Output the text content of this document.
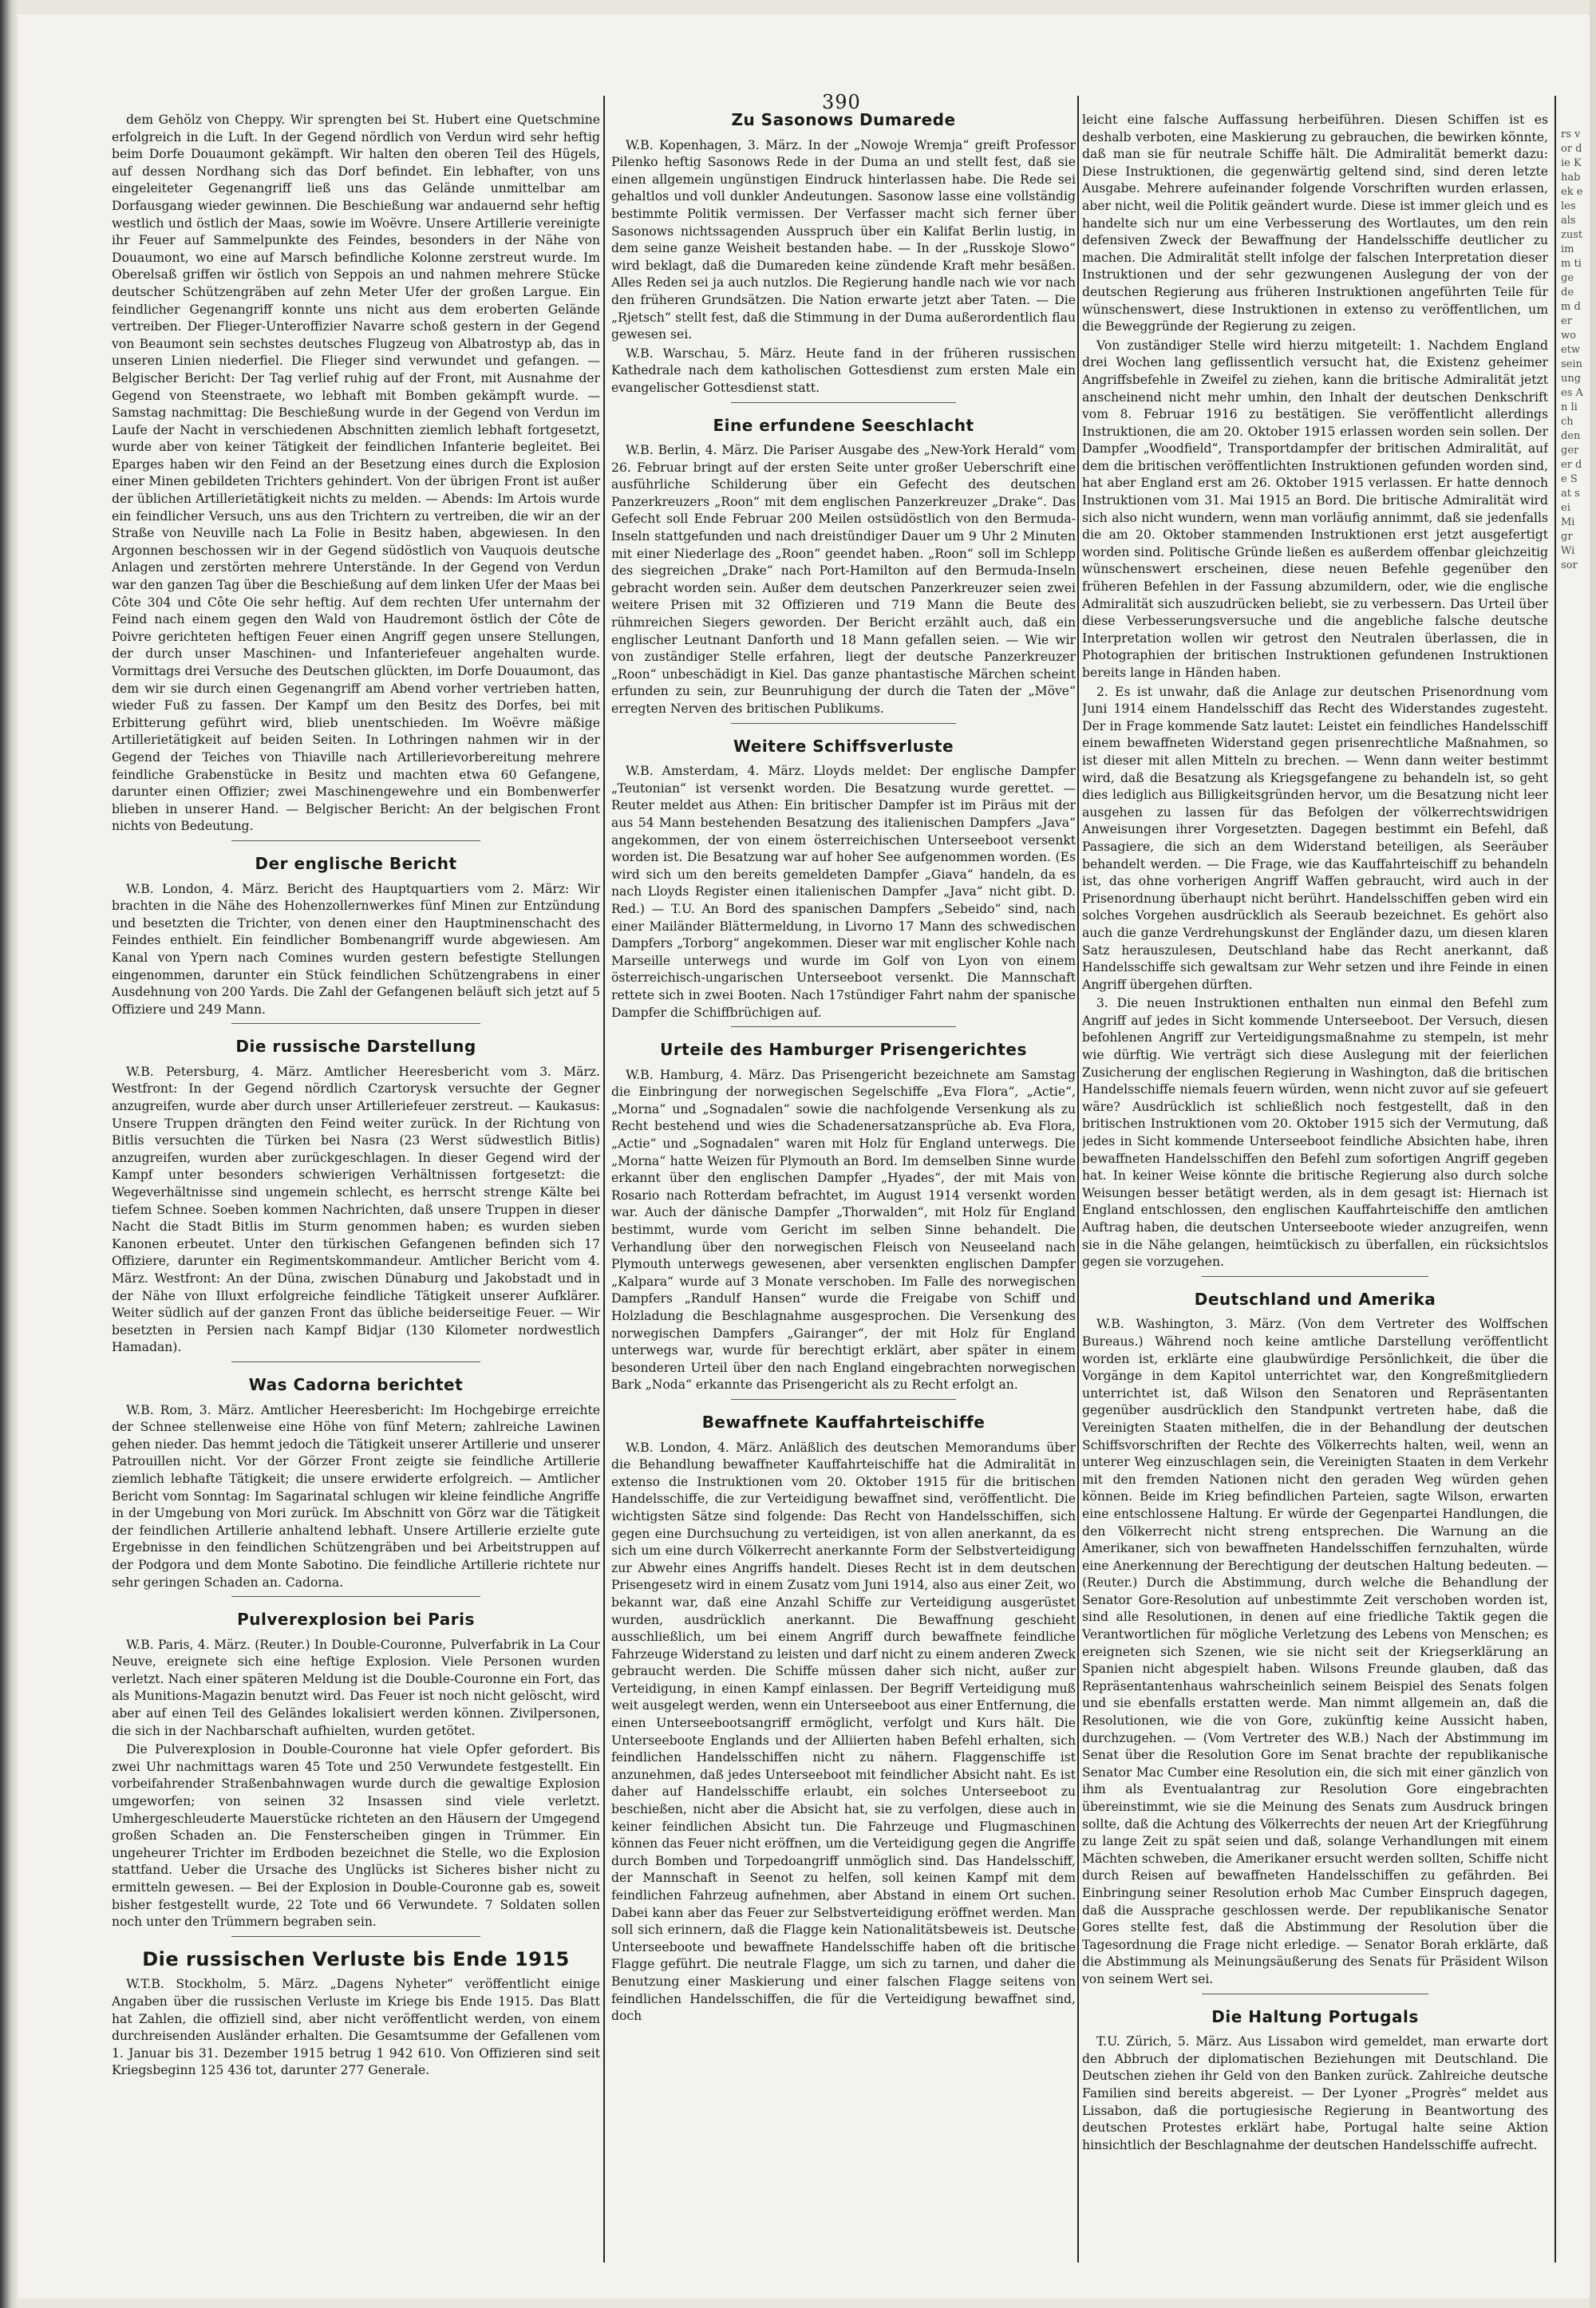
390

dem Gehölz von Cheppy. Wir sprengten bei St. Hubert eine Quetschmine erfolgreich in die Luft. In der Gegend nördlich von Verdun wird sehr heftig beim Dorfe Douaumont gekämpft. Wir halten den oberen Teil des Hügels, auf dessen Nordhang sich das Dorf befindet. Ein lebhafter, von uns eingeleiteter Gegenangriff ließ uns das Gelände unmittelbar am Dorfausgang wieder gewinnen. Die Beschießung war andauernd sehr heftig westlich und östlich der Maas, sowie im Woëvre. Unsere Artillerie vereinigte ihr Feuer auf Sammelpunkte des Feindes, besonders in der Nähe von Douaumont, wo eine auf Marsch befindliche Kolonne zerstreut wurde. Im Oberelsaß griffen wir östlich von Seppois an und nahmen mehrere Stücke deutscher Schützengräben auf zehn Meter Ufer der großen Largue. Ein feindlicher Gegenangriff konnte uns nicht aus dem eroberten Gelände vertreiben. Der Flieger-Unteroffizier Navarre schoß gestern in der Gegend von Beaumont sein sechstes deutsches Flugzeug von Albatrostyp ab, das in unseren Linien niederfiel. Die Flieger sind verwundet und gefangen. — Belgischer Bericht: Der Tag verlief ruhig auf der Front, mit Ausnahme der Gegend von Steenstraete, wo lebhaft mit Bomben gekämpft wurde. — Samstag nachmittag: Die Beschießung wurde in der Gegend von Verdun im Laufe der Nacht in verschiedenen Abschnitten ziemlich lebhaft fortgesetzt, wurde aber von keiner Tätigkeit der feindlichen Infanterie begleitet. Bei Eparges haben wir den Feind an der Besetzung eines durch die Explosion einer Minen gebildeten Trichters gehindert. Von der übrigen Front ist außer der üblichen Artillerietätigkeit nichts zu melden. — Abends: Im Artois wurde ein feindlicher Versuch, uns aus den Trichtern zu vertreiben, die wir an der Straße von Neuville nach La Folie in Besitz haben, abgewiesen. In den Argonnen beschossen wir in der Gegend südöstlich von Vauquois deutsche Anlagen und zerstörten mehrere Unterstände. In der Gegend von Verdun war den ganzen Tag über die Beschießung auf dem linken Ufer der Maas bei Côte 304 und Côte Oie sehr heftig. Auf dem rechten Ufer unternahm der Feind nach einem gegen den Wald von Haudremont östlich der Côte de Poivre gerichteten heftigen Feuer einen Angriff gegen unsere Stellungen, der durch unser Maschinen- und Infanteriefeuer angehalten wurde. Vormittags drei Versuche des Deutschen glückten, im Dorfe Douaumont, das dem wir sie durch einen Gegenangriff am Abend vorher vertrieben hatten, wieder Fuß zu fassen. Der Kampf um den Besitz des Dorfes, bei mit Erbitterung geführt wird, blieb unentschieden. Im Woëvre mäßige Artillerietätigkeit auf beiden Seiten. In Lothringen nahmen wir in der Gegend der Teiches von Thiaville nach Artillerievorbereitung mehrere feindliche Grabenstücke in Besitz und machten etwa 60 Gefangene, darunter einen Offizier; zwei Maschinengewehre und ein Bombenwerfer blieben in unserer Hand. — Belgischer Bericht: An der belgischen Front nichts von Bedeutung.

Der englische Bericht

W.B. London, 4. März. Bericht des Hauptquartiers vom 2. März: Wir brachten in die Nähe des Hohenzollernwerkes fünf Minen zur Entzündung und besetzten die Trichter, von denen einer den Hauptminenschacht des Feindes enthielt. Ein feindlicher Bombenangriff wurde abgewiesen. Am Kanal von Ypern nach Comines wurden gestern befestigte Stellungen eingenommen, darunter ein Stück feindlichen Schützengrabens in einer Ausdehnung von 200 Yards. Die Zahl der Gefangenen beläuft sich jetzt auf 5 Offiziere und 249 Mann.

Die russische Darstellung

W.B. Petersburg, 4. März. Amtlicher Heeresbericht vom 3. März. Westfront: In der Gegend nördlich Czartorysk versuchte der Gegner anzugreifen, wurde aber durch unser Artilleriefeuer zerstreut. — Kaukasus: Unsere Truppen drängten den Feind weiter zurück. In der Richtung von Bitlis versuchten die Türken bei Nasra (23 Werst südwestlich Bitlis) anzugreifen, wurden aber zurückgeschlagen. In dieser Gegend wird der Kampf unter besonders schwierigen Verhältnissen fortgesetzt: die Wegeverhältnisse sind ungemein schlecht, es herrscht strenge Kälte bei tiefem Schnee. Soeben kommen Nachrichten, daß unsere Truppen in dieser Nacht die Stadt Bitlis im Sturm genommen haben; es wurden sieben Kanonen erbeutet. Unter den türkischen Gefangenen befinden sich 17 Offiziere, darunter ein Regimentskommandeur. Amtlicher Bericht vom 4. März. Westfront: An der Düna, zwischen Dünaburg und Jakobstadt und in der Nähe von Illuxt erfolgreiche feindliche Tätigkeit unserer Aufklärer. Weiter südlich auf der ganzen Front das übliche beiderseitige Feuer. — Wir besetzten in Persien nach Kampf Bidjar (130 Kilometer nordwestlich Hamadan).

Was Cadorna berichtet

W.B. Rom, 3. März. Amtlicher Heeresbericht: Im Hochgebirge erreichte der Schnee stellenweise eine Höhe von fünf Metern; zahlreiche Lawinen gehen nieder. Das hemmt jedoch die Tätigkeit unserer Artillerie und unserer Patrouillen nicht. Vor der Görzer Front zeigte sie feindliche Artillerie ziemlich lebhafte Tätigkeit; die unsere erwiderte erfolgreich. — Amtlicher Bericht vom Sonntag: Im Sagarinatal schlugen wir kleine feindliche Angriffe in der Umgebung von Mori zurück. Im Abschnitt von Görz war die Tätigkeit der feindlichen Artillerie anhaltend lebhaft. Unsere Artillerie erzielte gute Ergebnisse in den feindlichen Schützengräben und bei Arbeitstruppen auf der Podgora und dem Monte Sabotino. Die feindliche Artillerie richtete nur sehr geringen Schaden an. Cadorna.

Pulverexplosion bei Paris

W.B. Paris, 4. März. (Reuter.) In Double-Couronne, Pulverfabrik in La Cour Neuve, ereignete sich eine heftige Explosion. Viele Personen wurden verletzt. Nach einer späteren Meldung ist die Double-Couronne ein Fort, das als Munitions-Magazin benutzt wird. Das Feuer ist noch nicht gelöscht, wird aber auf einen Teil des Geländes lokalisiert werden können. Zivilpersonen, die sich in der Nachbarschaft aufhielten, wurden getötet.

Die Pulverexplosion in Double-Couronne hat viele Opfer gefordert. Bis zwei Uhr nachmittags waren 45 Tote und 250 Verwundete festgestellt. Ein vorbeifahrender Straßenbahnwagen wurde durch die gewaltige Explosion umgeworfen; von seinen 32 Insassen sind viele verletzt. Umhergeschleuderte Mauerstücke richteten an den Häusern der Umgegend großen Schaden an. Die Fensterscheiben gingen in Trümmer. Ein ungeheurer Trichter im Erdboden bezeichnet die Stelle, wo die Explosion stattfand. Ueber die Ursache des Unglücks ist Sicheres bisher nicht zu ermitteln gewesen. — Bei der Explosion in Double-Couronne gab es, soweit bisher festgestellt wurde, 22 Tote und 66 Verwundete. 7 Soldaten sollen noch unter den Trümmern begraben sein.

Die russischen Verluste bis Ende 1915

W.T.B. Stockholm, 5. März. „Dagens Nyheter“ veröffentlicht einige Angaben über die russischen Verluste im Kriege bis Ende 1915. Das Blatt hat Zahlen, die offiziell sind, aber nicht veröffentlicht werden, von einem durchreisenden Ausländer erhalten. Die Gesamtsumme der Gefallenen vom 1. Januar bis 31. Dezember 1915 betrug 1 942 610. Von Offizieren sind seit Kriegsbeginn 125 436 tot, darunter 277 Generale.

Zu Sasonows Dumarede

W.B. Kopenhagen, 3. März. In der „Nowoje Wremja“ greift Professor Pilenko heftig Sasonows Rede in der Duma an und stellt fest, daß sie einen allgemein ungünstigen Eindruck hinterlassen habe. Die Rede sei gehaltlos und voll dunkler Andeutungen. Sasonow lasse eine vollständig bestimmte Politik vermissen. Der Verfasser macht sich ferner über Sasonows nichtssagenden Ausspruch über ein Kalifat Berlin lustig, in dem seine ganze Weisheit bestanden habe. — In der „Russkoje Slowo“ wird beklagt, daß die Dumareden keine zündende Kraft mehr besäßen. Alles Reden sei ja auch nutzlos. Die Regierung handle nach wie vor nach den früheren Grundsätzen. Die Nation erwarte jetzt aber Taten. — Die „Rjetsch“ stellt fest, daß die Stimmung in der Duma außerordentlich flau gewesen sei.

W.B. Warschau, 5. März. Heute fand in der früheren russischen Kathedrale nach dem katholischen Gottesdienst zum ersten Male ein evangelischer Gottesdienst statt.

Eine erfundene Seeschlacht

W.B. Berlin, 4. März. Die Pariser Ausgabe des „New-York Herald“ vom 26. Februar bringt auf der ersten Seite unter großer Ueberschrift eine ausführliche Schilderung über ein Gefecht des deutschen Panzerkreuzers „Roon“ mit dem englischen Panzerkreuzer „Drake“. Das Gefecht soll Ende Februar 200 Meilen ostsüdöstlich von den Bermuda-Inseln stattgefunden und nach dreistündiger Dauer um 9 Uhr 2 Minuten mit einer Niederlage des „Roon“ geendet haben. „Roon“ soll im Schlepp des siegreichen „Drake“ nach Port-Hamilton auf den Bermuda-Inseln gebracht worden sein. Außer dem deutschen Panzerkreuzer seien zwei weitere Prisen mit 32 Offizieren und 719 Mann die Beute des rühmreichen Siegers geworden. Der Bericht erzählt auch, daß ein englischer Leutnant Danforth und 18 Mann gefallen seien. — Wie wir von zuständiger Stelle erfahren, liegt der deutsche Panzerkreuzer „Roon“ unbeschädigt in Kiel. Das ganze phantastische Märchen scheint erfunden zu sein, zur Beunruhigung der durch die Taten der „Möve“ erregten Nerven des britischen Publikums.

Weitere Schiffsverluste

W.B. Amsterdam, 4. März. Lloyds meldet: Der englische Dampfer „Teutonian“ ist versenkt worden. Die Besatzung wurde gerettet. — Reuter meldet aus Athen: Ein britischer Dampfer ist im Piräus mit der aus 54 Mann bestehenden Besatzung des italienischen Dampfers „Java“ angekommen, der von einem österreichischen Unterseeboot versenkt worden ist. Die Besatzung war auf hoher See aufgenommen worden. (Es wird sich um den bereits gemeldeten Dampfer „Giava“ handeln, da es nach Lloyds Register einen italienischen Dampfer „Java“ nicht gibt. D. Red.) — T.U. An Bord des spanischen Dampfers „Sebeido“ sind, nach einer Mailänder Blättermeldung, in Livorno 17 Mann des schwedischen Dampfers „Torborg“ angekommen. Dieser war mit englischer Kohle nach Marseille unterwegs und wurde im Golf von Lyon von einem österreichisch-ungarischen Unterseeboot versenkt. Die Mannschaft rettete sich in zwei Booten. Nach 17stündiger Fahrt nahm der spanische Dampfer die Schiffbrüchigen auf.

Urteile des Hamburger Prisengerichtes

W.B. Hamburg, 4. März. Das Prisengericht bezeichnete am Samstag die Einbringung der norwegischen Segelschiffe „Eva Flora“, „Actie“, „Morna“ und „Sognadalen“ sowie die nachfolgende Versenkung als zu Recht bestehend und wies die Schadenersatzansprüche ab. Eva Flora, „Actie“ und „Sognadalen“ waren mit Holz für England unterwegs. Die „Morna“ hatte Weizen für Plymouth an Bord. Im demselben Sinne wurde erkannt über den englischen Dampfer „Hyades“, der mit Mais von Rosario nach Rotterdam befrachtet, im August 1914 versenkt worden war. Auch der dänische Dampfer „Thorwalden“, mit Holz für England bestimmt, wurde vom Gericht im selben Sinne behandelt. Die Verhandlung über den norwegischen Fleisch von Neuseeland nach Plymouth unterwegs gewesenen, aber versenkten englischen Dampfer „Kalpara“ wurde auf 3 Monate verschoben. Im Falle des norwegischen Dampfers „Randulf Hansen“ wurde die Freigabe von Schiff und Holzladung die Beschlagnahme ausgesprochen. Die Versenkung des norwegischen Dampfers „Gairanger“, der mit Holz für England unterwegs war, wurde für berechtigt erklärt, aber später in einem besonderen Urteil über den nach England eingebrachten norwegischen Bark „Noda“ erkannte das Prisengericht als zu Recht erfolgt an.

Bewaffnete Kauffahrteischiffe

W.B. London, 4. März. Anläßlich des deutschen Memorandums über die Behandlung bewaffneter Kauffahrteischiffe hat die Admiralität in extenso die Instruktionen vom 20. Oktober 1915 für die britischen Handelsschiffe, die zur Verteidigung bewaffnet sind, veröffentlicht. Die wichtigsten Sätze sind folgende: Das Recht von Handelsschiffen, sich gegen eine Durchsuchung zu verteidigen, ist von allen anerkannt, da es sich um eine durch Völkerrecht anerkannte Form der Selbstverteidigung zur Abwehr eines Angriffs handelt. Dieses Recht ist in dem deutschen Prisengesetz wird in einem Zusatz vom Juni 1914, also aus einer Zeit, wo bekannt war, daß eine Anzahl Schiffe zur Verteidigung ausgerüstet wurden, ausdrücklich anerkannt. Die Bewaffnung geschieht ausschließlich, um bei einem Angriff durch bewaffnete feindliche Fahrzeuge Widerstand zu leisten und darf nicht zu einem anderen Zweck gebraucht werden. Die Schiffe müssen daher sich nicht, außer zur Verteidigung, in einen Kampf einlassen. Der Begriff Verteidigung muß weit ausgelegt werden, wenn ein Unterseeboot aus einer Entfernung, die einen Unterseebootsangriff ermöglicht, verfolgt und Kurs hält. Die Unterseeboote Englands und der Alliierten haben Befehl erhalten, sich feindlichen Handelsschiffen nicht zu nähern. Flaggenschiffe ist anzunehmen, daß jedes Unterseeboot mit feindlicher Absicht naht. Es ist daher auf Handelsschiffe erlaubt, ein solches Unterseeboot zu beschießen, nicht aber die Absicht hat, sie zu verfolgen, diese auch in keiner feindlichen Absicht tun. Die Fahrzeuge und Flugmaschinen können das Feuer nicht eröffnen, um die Verteidigung gegen die Angriffe durch Bomben und Torpedoangriff unmöglich sind. Das Handelsschiff, der Mannschaft in Seenot zu helfen, soll keinen Kampf mit dem feindlichen Fahrzeug aufnehmen, aber Abstand in einem Ort suchen. Dabei kann aber das Feuer zur Selbstverteidigung eröffnet werden. Man soll sich erinnern, daß die Flagge kein Nationalitätsbeweis ist. Deutsche Unterseeboote und bewaffnete Handelsschiffe haben oft die britische Flagge geführt. Die neutrale Flagge, um sich zu tarnen, und daher die Benutzung einer Maskierung und einer falschen Flagge seitens von feindlichen Handelsschiffen, die für die Verteidigung bewaffnet sind, doch

leicht eine falsche Auffassung herbeiführen. Diesen Schiffen ist es deshalb verboten, eine Maskierung zu gebrauchen, die bewirken könnte, daß man sie für neutrale Schiffe hält. Die Admiralität bemerkt dazu: Diese Instruktionen, die gegenwärtig geltend sind, sind deren letzte Ausgabe. Mehrere aufeinander folgende Vorschriften wurden erlassen, aber nicht, weil die Politik geändert wurde. Diese ist immer gleich und es handelte sich nur um eine Verbesserung des Wortlautes, um den rein defensiven Zweck der Bewaffnung der Handelsschiffe deutlicher zu machen. Die Admiralität stellt infolge der falschen Interpretation dieser Instruktionen und der sehr gezwungenen Auslegung der von der deutschen Regierung aus früheren Instruktionen angeführten Teile für wünschenswert, diese Instruktionen in extenso zu veröffentlichen, um die Beweggründe der Regierung zu zeigen.

Von zuständiger Stelle wird hierzu mitgeteilt: 1. Nachdem England drei Wochen lang geflissentlich versucht hat, die Existenz geheimer Angriffsbefehle in Zweifel zu ziehen, kann die britische Admiralität jetzt anscheinend nicht mehr umhin, den Inhalt der deutschen Denkschrift vom 8. Februar 1916 zu bestätigen. Sie veröffentlicht allerdings Instruktionen, die am 20. Oktober 1915 erlassen worden sein sollen. Der Dampfer „Woodfield“, Transportdampfer der britischen Admiralität, auf dem die britischen veröffentlichten Instruktionen gefunden worden sind, hat aber England erst am 26. Oktober 1915 verlassen. Er hatte dennoch Instruktionen vom 31. Mai 1915 an Bord. Die britische Admiralität wird sich also nicht wundern, wenn man vorläufig annimmt, daß sie jedenfalls die am 20. Oktober stammenden Instruktionen erst jetzt ausgefertigt worden sind. Politische Gründe ließen es außerdem offenbar gleichzeitig wünschenswert erscheinen, diese neuen Befehle gegenüber den früheren Befehlen in der Fassung abzumildern, oder, wie die englische Admiralität sich auszudrücken beliebt, sie zu verbessern. Das Urteil über diese Verbesserungsversuche und die angebliche falsche deutsche Interpretation wollen wir getrost den Neutralen überlassen, die in Photographien der britischen Instruktionen gefundenen Instruktionen bereits lange in Händen haben.

2. Es ist unwahr, daß die Anlage zur deutschen Prisenordnung vom Juni 1914 einem Handelsschiff das Recht des Widerstandes zugesteht. Der in Frage kommende Satz lautet: Leistet ein feindliches Handelsschiff einem bewaffneten Widerstand gegen prisenrechtliche Maßnahmen, so ist dieser mit allen Mitteln zu brechen. — Wenn dann weiter bestimmt wird, daß die Besatzung als Kriegsgefangene zu behandeln ist, so geht dies lediglich aus Billigkeitsgründen hervor, um die Besatzung nicht leer ausgehen zu lassen für das Befolgen der völkerrechtswidrigen Anweisungen ihrer Vorgesetzten. Dagegen bestimmt ein Befehl, daß Passagiere, die sich an dem Widerstand beteiligen, als Seeräuber behandelt werden. — Die Frage, wie das Kauffahrteischiff zu behandeln ist, das ohne vorherigen Angriff Waffen gebraucht, wird auch in der Prisenordnung überhaupt nicht berührt. Handelsschiffen geben wird ein solches Vorgehen ausdrücklich als Seeraub bezeichnet. Es gehört also auch die ganze Verdrehungskunst der Engländer dazu, um diesen klaren Satz herauszulesen, Deutschland habe das Recht anerkannt, daß Handelsschiffe sich gewaltsam zur Wehr setzen und ihre Feinde in einen Angriff übergehen dürften.

3. Die neuen Instruktionen enthalten nun einmal den Befehl zum Angriff auf jedes in Sicht kommende Unterseeboot. Der Versuch, diesen befohlenen Angriff zur Verteidigungsmaßnahme zu stempeln, ist mehr wie dürftig. Wie verträgt sich diese Auslegung mit der feierlichen Zusicherung der englischen Regierung in Washington, daß die britischen Handelsschiffe niemals feuern würden, wenn nicht zuvor auf sie gefeuert wäre? Ausdrücklich ist schließlich noch festgestellt, daß in den britischen Instruktionen vom 20. Oktober 1915 sich der Vermutung, daß jedes in Sicht kommende Unterseeboot feindliche Absichten habe, ihren bewaffneten Handelsschiffen den Befehl zum sofortigen Angriff gegeben hat. In keiner Weise könnte die britische Regierung also durch solche Weisungen besser betätigt werden, als in dem gesagt ist: Hiernach ist England entschlossen, den englischen Kauffahrteischiffe den amtlichen Auftrag haben, die deutschen Unterseeboote wieder anzugreifen, wenn sie in die Nähe gelangen, heimtückisch zu überfallen, ein rücksichtslos gegen sie vorzugehen.

Deutschland und Amerika

W.B. Washington, 3. März. (Von dem Vertreter des Wolffschen Bureaus.) Während noch keine amtliche Darstellung veröffentlicht worden ist, erklärte eine glaubwürdige Persönlichkeit, die über die Vorgänge in dem Kapitol unterrichtet war, den Kongreßmitgliedern unterrichtet ist, daß Wilson den Senatoren und Repräsentanten gegenüber ausdrücklich den Standpunkt vertreten habe, daß die Vereinigten Staaten mithelfen, die in der Behandlung der deutschen Schiffsvorschriften der Rechte des Völkerrechts halten, weil, wenn an unterer Weg einzuschlagen sein, die Vereinigten Staaten in dem Verkehr mit den fremden Nationen nicht den geraden Weg würden gehen können. Beide im Krieg befindlichen Parteien, sagte Wilson, erwarten eine entschlossene Haltung. Er würde der Gegenpartei Handlungen, die den Völkerrecht nicht streng entsprechen. Die Warnung an die Amerikaner, sich von bewaffneten Handelsschiffen fernzuhalten, würde eine Anerkennung der Berechtigung der deutschen Haltung bedeuten. — (Reuter.) Durch die Abstimmung, durch welche die Behandlung der Senator Gore-Resolution auf unbestimmte Zeit verschoben worden ist, sind alle Resolutionen, in denen auf eine friedliche Taktik gegen die Verantwortlichen für mögliche Verletzung des Lebens von Menschen; es ereigneten sich Szenen, wie sie nicht seit der Kriegserklärung an Spanien nicht abgespielt haben. Wilsons Freunde glauben, daß das Repräsentantenhaus wahrscheinlich seinem Beispiel des Senats folgen und sie ebenfalls erstatten werde. Man nimmt allgemein an, daß die Resolutionen, wie die von Gore, zukünftig keine Aussicht haben, durchzugehen. — (Vom Vertreter des W.B.) Nach der Abstimmung im Senat über die Resolution Gore im Senat brachte der republikanische Senator Mac Cumber eine Resolution ein, die sich mit einer gänzlich von ihm als Eventualantrag zur Resolution Gore eingebrachten übereinstimmt, wie sie die Meinung des Senats zum Ausdruck bringen sollte, daß die Achtung des Völkerrechts der neuen Art der Kriegführung zu lange Zeit zu spät seien und daß, solange Verhandlungen mit einem Mächten schweben, die Amerikaner ersucht werden sollten, Schiffe nicht durch Reisen auf bewaffneten Handelsschiffen zu gefährden. Bei Einbringung seiner Resolution erhob Mac Cumber Einspruch dagegen, daß die Aussprache geschlossen werde. Der republikanische Senator Gores stellte fest, daß die Abstimmung der Resolution über die Tagesordnung die Frage nicht erledige. — Senator Borah erklärte, daß die Abstimmung als Meinungsäußerung des Senats für Präsident Wilson von seinem Wert sei.

Die Haltung Portugals

T.U. Zürich, 5. März. Aus Lissabon wird gemeldet, man erwarte dort den Abbruch der diplomatischen Beziehungen mit Deutschland. Die Deutschen ziehen ihr Geld von den Banken zurück. Zahlreiche deutsche Familien sind bereits abgereist. — Der Lyoner „Progrès“ meldet aus Lissabon, daß die portugiesische Regierung in Beantwortung des deutschen Protestes erklärt habe, Portugal halte seine Aktion hinsichtlich der Beschlagnahme der deutschen Handelsschiffe aufrecht.

rs vor die K hab ek eles als zustimm tige dem der wo etw sein ung es An lich den ger er de Sat sei Mi gr Wi sor
